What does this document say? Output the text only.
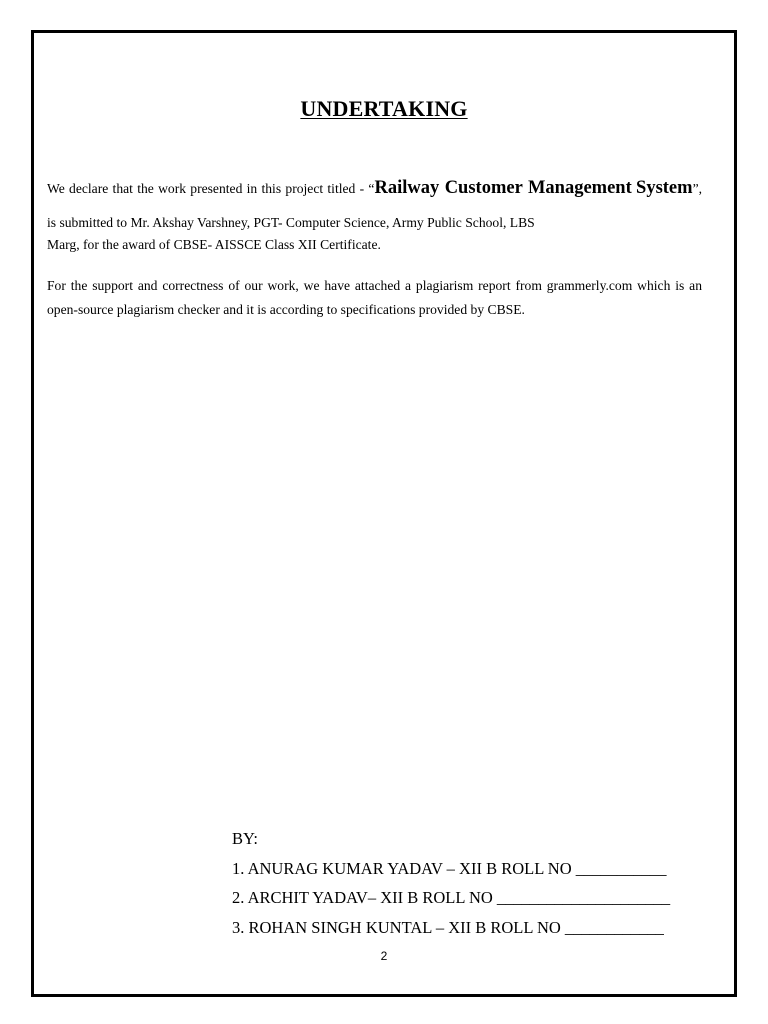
UNDERTAKING

We declare that the work presented in this project titled - “Railway Customer Management System”, is submitted to Mr. Akshay Varshney, PGT- Computer Science, Army Public School, LBS
Marg, for the award of CBSE- AISSCE Class XII Certificate.

For the support and correctness of our work, we have attached a plagiarism report from grammerly.com which is an open-source plagiarism checker and it is according to specifications provided by CBSE.

BY:
1. ANURAG KUMAR YADAV – XII B ROLL NO ___________
2. ARCHIT YADAV– XII B ROLL NO _____________________
3. ROHAN SINGH KUNTAL – XII B ROLL NO ____________
2
